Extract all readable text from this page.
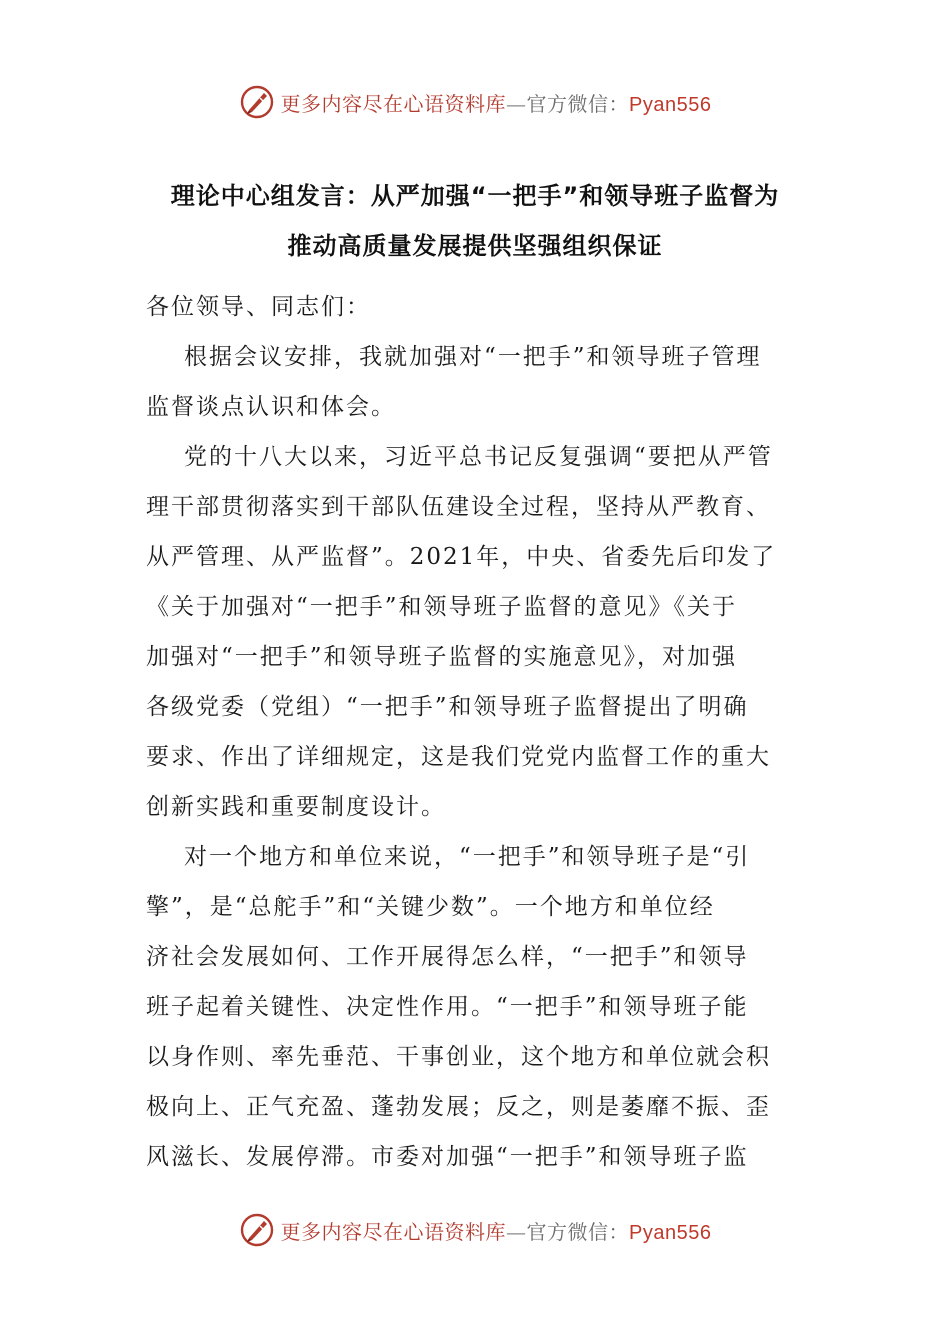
更多内容尽在心语资料库—官方微信：Pyan556
理论中心组发言：从严加强“一把手”和领导班子监督为
推动高质量发展提供坚强组织保证
各位领导、同志们：
根据会议安排，我就加强对“一把手”和领导班子管理
监督谈点认识和体会。
党的十八大以来，习近平总书记反复强调“要把从严管
理干部贯彻落实到干部队伍建设全过程，坚持从严教育、
从严管理、从严监督”。2021年，中央、省委先后印发了
《关于加强对“一把手”和领导班子监督的意见》《关于
加强对“一把手”和领导班子监督的实施意见》，对加强
各级党委（党组）“一把手”和领导班子监督提出了明确
要求、作出了详细规定，这是我们党党内监督工作的重大
创新实践和重要制度设计。
对一个地方和单位来说，“一把手”和领导班子是“引
擎”，是“总舵手”和“关键少数”。一个地方和单位经
济社会发展如何、工作开展得怎么样，“一把手”和领导
班子起着关键性、决定性作用。“一把手”和领导班子能
以身作则、率先垂范、干事创业，这个地方和单位就会积
极向上、正气充盈、蓬勃发展；反之，则是萎靡不振、歪
风滋长、发展停滞。市委对加强“一把手”和领导班子监
更多内容尽在心语资料库—官方微信：Pyan556
